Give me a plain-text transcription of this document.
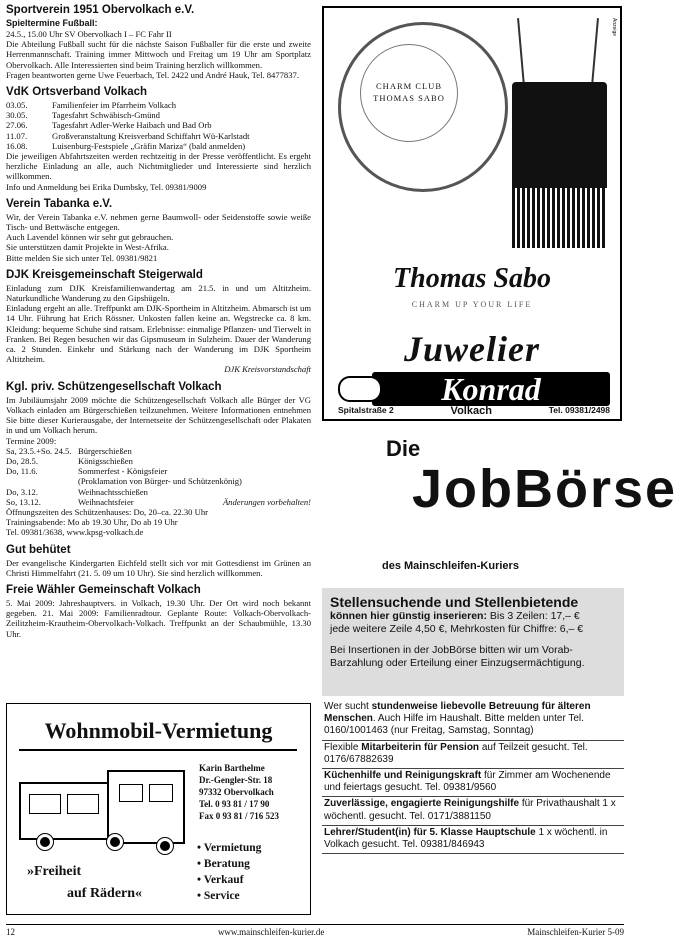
Sportverein 1951 Obervolkach e.V.
Spieltermine Fußball:

24.5., 15.00 Uhr SV Obervolkach I – FC Fahr II

Die Abteilung Fußball sucht für die nächste Saison Fußballer für die erste und zweite Herrenmannschaft. Training immer Mittwoch und Freitag um 19 Uhr am Sportplatz Obervolkach. Alle Interessierten sind beim Training herzlich willkommen.

Fragen beantworten gerne Uwe Feuerbach, Tel. 2422 und André Hauk, Tel. 8477837.

VdK Ortsverband Volkach
03.05.	Familienfeier im Pfarrheim Volkach
30.05.	Tagesfahrt Schwäbisch-Gmünd
27.06.	Tagesfahrt Adler-Werke Haibach und Bad Orb
11.07.	Großveranstaltung Kreisverband Schiffahrt Wü-Karlstadt
16.08.	Luisenburg-Festspiele „Gräfin Mariza“ (bald anmelden)

Die jeweiligen Abfahrtszeiten werden rechtzeitig in der Presse veröffentlicht. Es ergeht herzliche Einladung an alle, auch Nichtmitglieder und Interessierte sind herzlich willkommen.

Info und Anmeldung bei Erika Dumbsky, Tel. 09381/9009

Verein Tabanka e.V.

Wir, der Verein Tabanka e.V. nehmen gerne Baumwoll- oder Seidenstoffe sowie weiße Tisch- und Bettwäsche entgegen.

Auch Lavendel können wir sehr gut gebrauchen.

Sie unterstützen damit Projekte in West-Afrika.

Bitte melden Sie sich unter Tel. 09381/9821

DJK Kreisgemeinschaft Steigerwald

Einladung zum DJK Kreisfamilienwandertag am 21.5. in und um Altitzheim. Naturkundliche Wanderung zu den Gipshügeln.

Einladung ergeht an alle. Treffpunkt am DJK-Sportheim in Altitzheim. Abmarsch ist um 14 Uhr. Führung hat Erich Rössner. Unkosten fallen keine an. Wegstrecke ca. 8 km. Kleidung: bequeme Schuhe sind ratsam. Erlebnisse: einmalige Pflanzen- und Tierwelt in Franken. Bei Regen besuchen wir das Gipsmuseum in Sulzheim. Dauer der Wanderung ca. 2 Stunden. Einkehr und Stärkung nach der Wanderung im DJK Sportheim Altitzheim.

DJK Kreisvorstandschaft
Kgl. priv. Schützengesellschaft Volkach

Im Jubiläumsjahr 2009 möchte die Schützengesellschaft Volkach alle Bürger der VG Volkach einladen am Bürgerschießen teilzunehmen. Weitere Informationen entnehmen Sie bitte dieser Kurierausgabe, der Internetseite der Schützengesellschaft oder Plakaten in und um Volkach herum.

Termine 2009:

Sa, 23.5.+So. 24.5. Bürgerschießen
Do, 28.5.	Königsschießen
Do, 11.6.	Sommerfest - Königsfeier
(Proklamation von Bürger- und Schützenkönig)
Do, 3.12.	Weihnachtsschießen
So, 13.12.	Weihnachtsfeier	Änderungen vorbehalten!

Öffnungszeiten des Schützenhauses: Do, 20–ca. 22.30 Uhr

Trainingsabende: Mo ab 19.30 Uhr, Do ab 19 Uhr

Tel. 09381/3638, www.kpsg-volkach.de

Gut behütet

Der evangelische Kindergarten Eichfeld stellt sich vor mit Gottesdienst im Grünen an Christi Himmelfahrt (21. 5. 09 um 10 Uhr). Sie sind herzlich willkommen.

Freie Wähler Gemeinschaft Volkach

5. Mai 2009: Jahreshauptvers. in Volkach, 19.30 Uhr. Der Ort wird noch bekannt gegeben. 21. Mai 2009: Familienradtour. Geplante Route: Volkach-Obervolkach-Zeilitzheim-Krautheim-Obervolkach-Volkach. Treffpunkt an der Schaubmühle, 13.30 Uhr.

CHARM CLUB THOMAS SABO
Anzeige
Thomas Sabo
CHARM UP YOUR LIFE
Juwelier
Konrad
Spitalstraße 2	Volkach	Tel. 09381/2498
Die
JobBörse
des Mainschleifen-Kuriers
Stellensuchende und Stellenbietende
können hier günstig inserieren: Bis 3 Zeilen: 17,– €
jede weitere Zeile 4,50 €, Mehrkosten für Chiffre: 6,– €
Bei Insertionen in der JobBörse bitten wir um Vorab-Barzahlung oder Erteilung einer Einzugsermächtigung.
Wer sucht stundenweise liebevolle Betreuung für älteren Menschen. Auch Hilfe im Haushalt. Bitte melden unter Tel. 0160/1001463 (nur Freitag, Samstag, Sonntag)
Flexible Mitarbeiterin für Pension auf Teilzeit gesucht. Tel. 0176/67882639
Küchenhilfe und Reinigungskraft für Zimmer am Wochenende und feiertags gesucht. Tel. 09381/9560
Zuverlässige, engagierte Reinigungshilfe für Privathaushalt 1 x wöchentl. gesucht. Tel. 0171/3881150
Lehrer/Student(in) für 5. Klasse Hauptschule 1 x wöchentl. in Volkach gesucht. Tel. 09381/846943
Wohnmobil-Vermietung
Karin Barthelme
Dr.-Gengler-Str. 18
97332 Obervolkach
Tel. 0 93 81 / 17 90
Fax 0 93 81 / 716 523
• Vermietung
• Beratung
• Verkauf
• Service
»Freiheit
auf Rädern«
12	www.mainschleifen-kurier.de	Mainschleifen-Kurier 5-09
